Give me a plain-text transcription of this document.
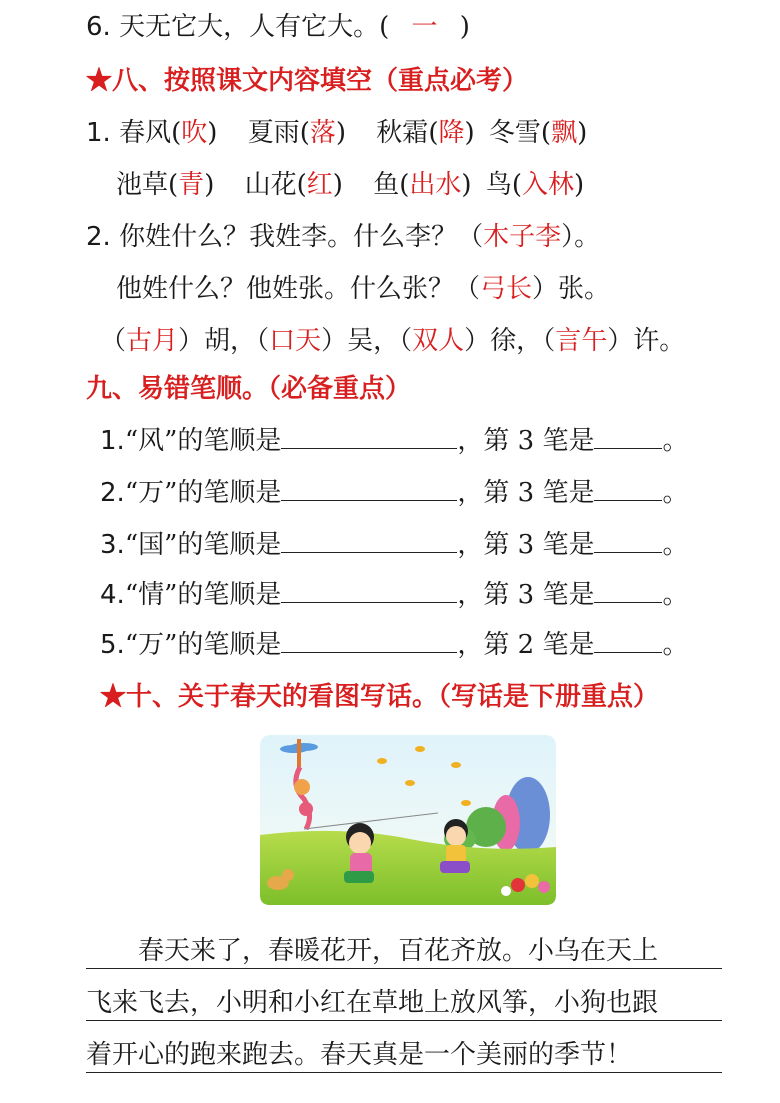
6. 天无它大，人有它大。( 一 )
★八、按照课文内容填空（重点必考）
1. 春风(吹) 夏雨(落) 秋霜(降) 冬雪(飘)
池草(青) 山花(红) 鱼(出水) 鸟(入林)
2. 你姓什么？我姓李。什么李？（木子李）。
他姓什么？他姓张。什么张？（弓长）张。
（古月）胡，（口天）吴，（双人）徐，（言午）许。
九、易错笔顺。（必备重点）
1.“风”的笔顺是	，第 3 笔是	。
2.“万”的笔顺是	，第 3 笔是	。
3.“国”的笔顺是	，第 3 笔是	。
4.“情”的笔顺是	，第 3 笔是	。
5.“万”的笔顺是	，第 2 笔是	。
★十、关于春天的看图写话。（写话是下册重点）
　　春天来了，春暖花开，百花齐放。小乌在天上
飞来飞去，小明和小红在草地上放风筝，小狗也跟
着开心的跑来跑去。春天真是一个美丽的季节！
